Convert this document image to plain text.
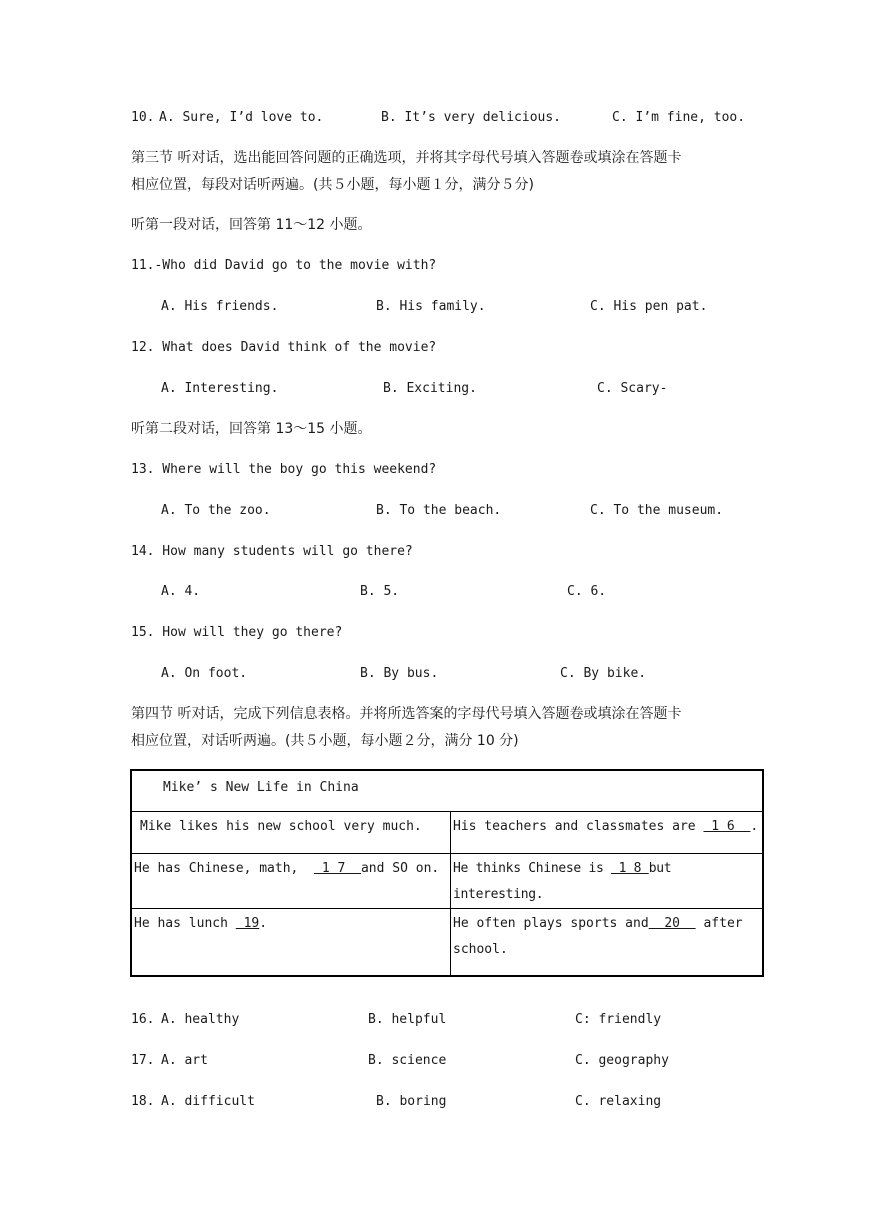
10. A. Sure, I’d love to.	B. It’s very delicious.	C. I’m fine, too.
第三节 听对话，选出能回答问题的正确选项，并将其字母代号填入答题卷或填涂在答题卡
相应位置，每段对话听两遍。(共５小题，每小题１分，满分５分)
听第一段对话，回答第 11～12 小题。
11.-Who did David go to the movie with?
A. His friends.	B. His family.	C. His pen pat.
12. What does David think of the movie?
A. Interesting.	B. Exciting.	C. Scary-
听第二段对话，回答第 13～15 小题。
13. Where will the boy go this weekend?
A. To the zoo.	B. To the beach.	C. To the museum.
14. How many students will go there?
A. 4.	B. 5.	C. 6.
15. How will they go there?
A. On foot.	B. By bus.	C. By bike.
第四节 听对话，完成下列信息表格。并将所选答案的字母代号填入答题卷或填涂在答题卡
相应位置，对话听两遍。(共５小题，每小题２分，满分 10 分)
Mike’ s New Life in China	

Mike likes his new school very much.	His teachers and classmates are  1 6  .

He has Chinese, math,   1 7  and SO on.	He thinks Chinese is  1 8 but interesting.

He has lunch  19.	He often plays sports and  20   after school.
16. A. healthy	B. helpful	C: friendly
17. A. art	B. science	C. geography
18. A. difficult	B. boring	C. relaxing
